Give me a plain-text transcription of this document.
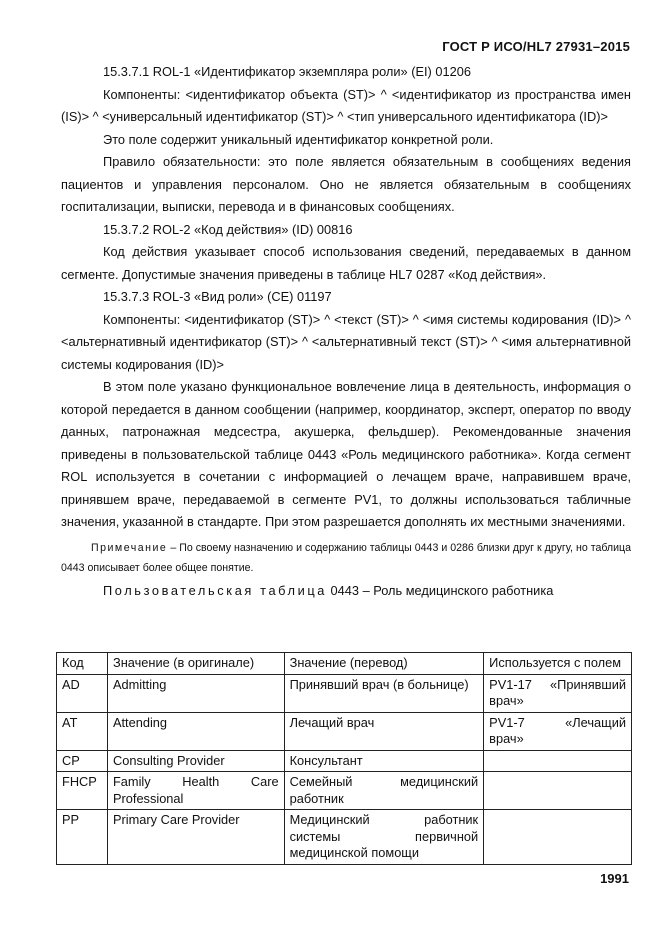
ГОСТ Р ИСО/HL7 27931–2015

15.3.7.1 ROL-1 «Идентификатор экземпляра роли» (EI) 01206

Компоненты: <идентификатор объекта (ST)> ^ <идентификатор из пространства имен (IS)> ^ <универсальный идентификатор (ST)> ^ <тип универсального идентификатора (ID)>

Это поле содержит уникальный идентификатор конкретной роли.

Правило обязательности: это поле является обязательным в сообщениях ведения пациентов и управления персоналом. Оно не является обязательным в сообщениях госпитализации, выписки, перевода и в финансовых сообщениях.

15.3.7.2 ROL-2 «Код действия» (ID) 00816

Код действия указывает способ использования сведений, передаваемых в данном сегменте. Допустимые значения приведены в таблице HL7 0287 «Код действия».

15.3.7.3 ROL-3 «Вид роли» (CE) 01197

Компоненты: <идентификатор (ST)> ^ <текст (ST)> ^ <имя системы кодирования (ID)> ^ <альтернативный идентификатор (ST)> ^ <альтернативный текст (ST)> ^ <имя альтернативной системы кодирования (ID)>

В этом поле указано функциональное вовлечение лица в деятельность, информация о которой передается в данном сообщении (например, координатор, эксперт, оператор по вводу данных, патронажная медсестра, акушерка, фельдшер). Рекомендованные значения приведены в пользовательской таблице 0443 «Роль медицинского работника». Когда сегмент ROL используется в сочетании с информацией о лечащем враче, направившем враче, принявшем враче, передаваемой в сегменте PV1, то должны использоваться табличные значения, указанной в стандарте. При этом разрешается дополнять их местными значениями.

Примечание – По своему назначению и содержанию таблицы 0443 и 0286 близки друг к другу, но таблица 0443 описывает более общее понятие.

Пользовательская таблица 0443 – Роль медицинского работника

Код	Значение (в оригинале)	Значение (перевод)	Используется с полем
AD	Admitting	Принявший врач (в больнице)	PV1-17 «Принявший врач»
AT	Attending	Лечащий врач	PV1-7 «Лечащий врач»
CP	Consulting Provider	Консультант	
FHCP	Family Health Care Professional	Семейный медицинский работник	
PP	Primary Care Provider	Медицинский работник системы первичной медицинской помощи	
1991
